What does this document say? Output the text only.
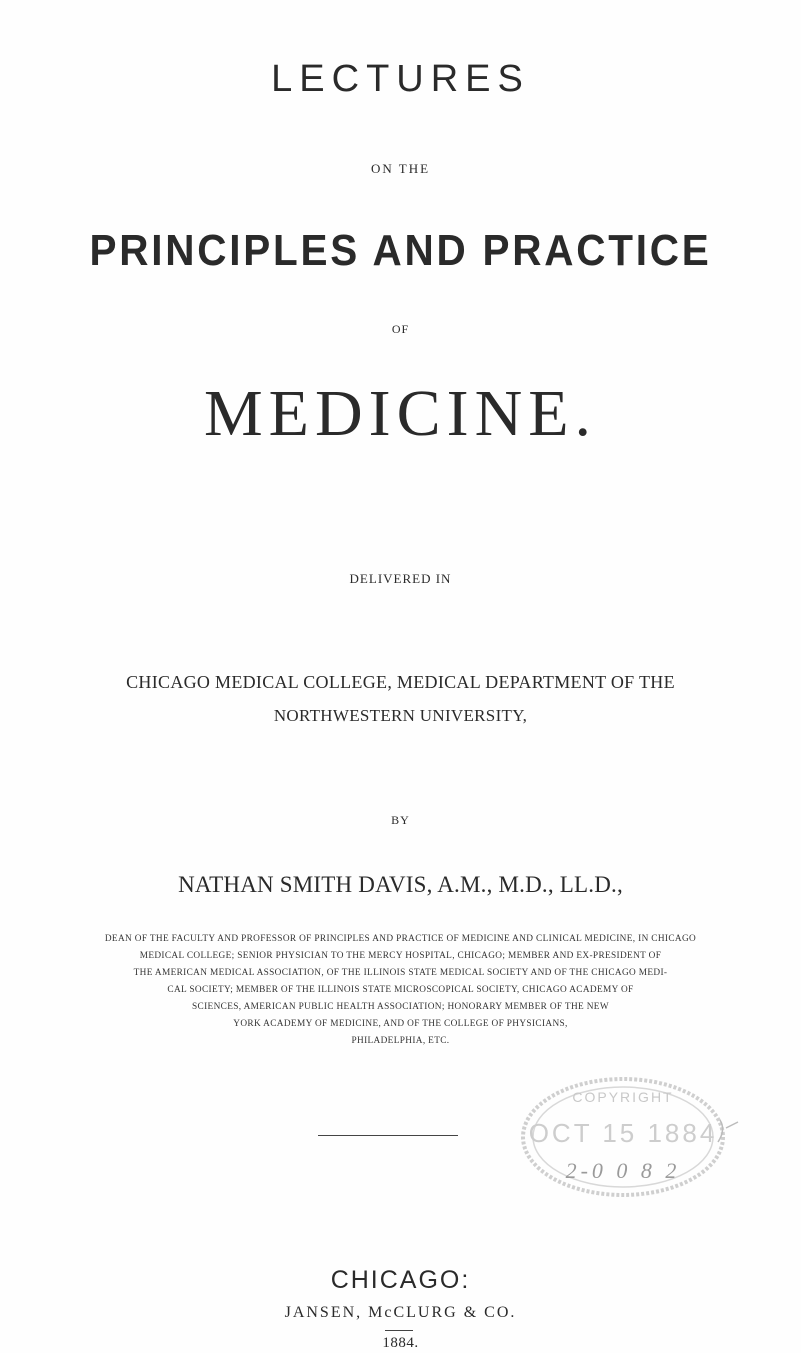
LECTURES
ON THE
PRINCIPLES AND PRACTICE
OF
MEDICINE.
DELIVERED IN
CHICAGO MEDICAL COLLEGE, MEDICAL DEPARTMENT OF THE
NORTHWESTERN UNIVERSITY,
BY
NATHAN SMITH DAVIS, A.M., M.D., LL.D.,
DEAN OF THE FACULTY AND PROFESSOR OF PRINCIPLES AND PRACTICE OF MEDICINE AND CLINICAL MEDICINE, IN CHICAGO
MEDICAL COLLEGE; SENIOR PHYSICIAN TO THE MERCY HOSPITAL, CHICAGO; MEMBER AND EX-PRESIDENT OF
THE AMERICAN MEDICAL ASSOCIATION, OF THE ILLINOIS STATE MEDICAL SOCIETY AND OF THE CHICAGO MEDI-
CAL SOCIETY; MEMBER OF THE ILLINOIS STATE MICROSCOPICAL SOCIETY, CHICAGO ACADEMY OF
SCIENCES, AMERICAN PUBLIC HEALTH ASSOCIATION; HONORARY MEMBER OF THE NEW
YORK ACADEMY OF MEDICINE, AND OF THE COLLEGE OF PHYSICIANS,
PHILADELPHIA, ETC.
COPYRIGHT
OCT 15 1884
2-0 0 8 2
CHICAGO:
JANSEN, McCLURG & CO.
1884.
